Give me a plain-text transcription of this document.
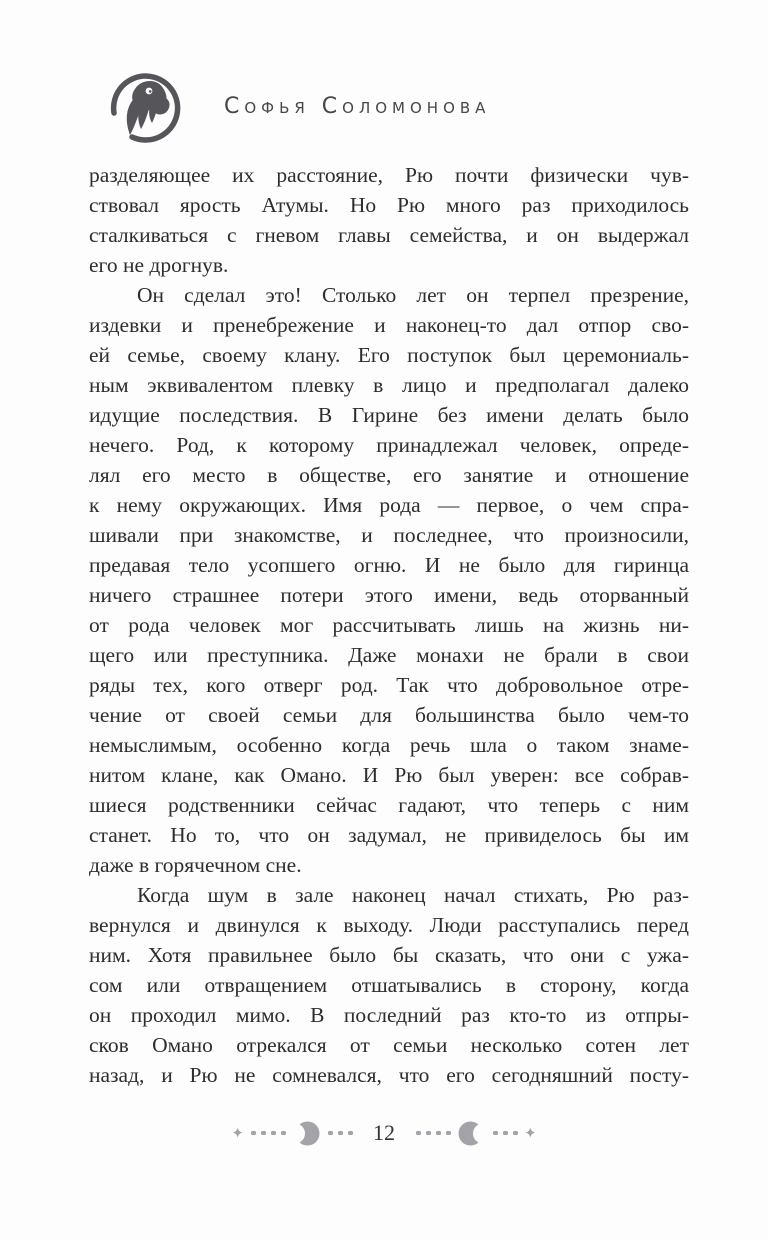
Софья Соломонова
разделяющее их расстояние, Рю почти физически чув-
ствовал ярость Атумы. Но Рю много раз приходилось
сталкиваться с гневом главы семейства, и он выдержал
его не дрогнув.
Он сделал это! Столько лет он терпел презрение,
издевки и пренебрежение и наконец-то дал отпор сво-
ей семье, своему клану. Его поступок был церемониаль-
ным эквивалентом плевку в лицо и предполагал далеко
идущие последствия. В Гирине без имени делать было
нечего. Род, к которому принадлежал человек, опреде-
лял его место в обществе, его занятие и отношение
к нему окружающих. Имя рода — первое, о чем спра-
шивали при знакомстве, и последнее, что произносили,
предавая тело усопшего огню. И не было для гиринца
ничего страшнее потери этого имени, ведь оторванный
от рода человек мог рассчитывать лишь на жизнь ни-
щего или преступника. Даже монахи не брали в свои
ряды тех, кого отверг род. Так что добровольное отре-
чение от своей семьи для большинства было чем-то
немыслимым, особенно когда речь шла о таком знаме-
нитом клане, как Омано. И Рю был уверен: все собрав-
шиеся родственники сейчас гадают, что теперь с ним
станет. Но то, что он задумал, не привиделось бы им
даже в горячечном сне.
Когда шум в зале наконец начал стихать, Рю раз-
вернулся и двинулся к выходу. Люди расступались перед
ним. Хотя правильнее было бы сказать, что они с ужа-
сом или отвращением отшатывались в сторону, когда
он проходил мимо. В последний раз кто-то из отпры-
сков Омано отрекался от семьи несколько сотен лет
назад, и Рю не сомневался, что его сегодняшний посту-
✦	12	✦
